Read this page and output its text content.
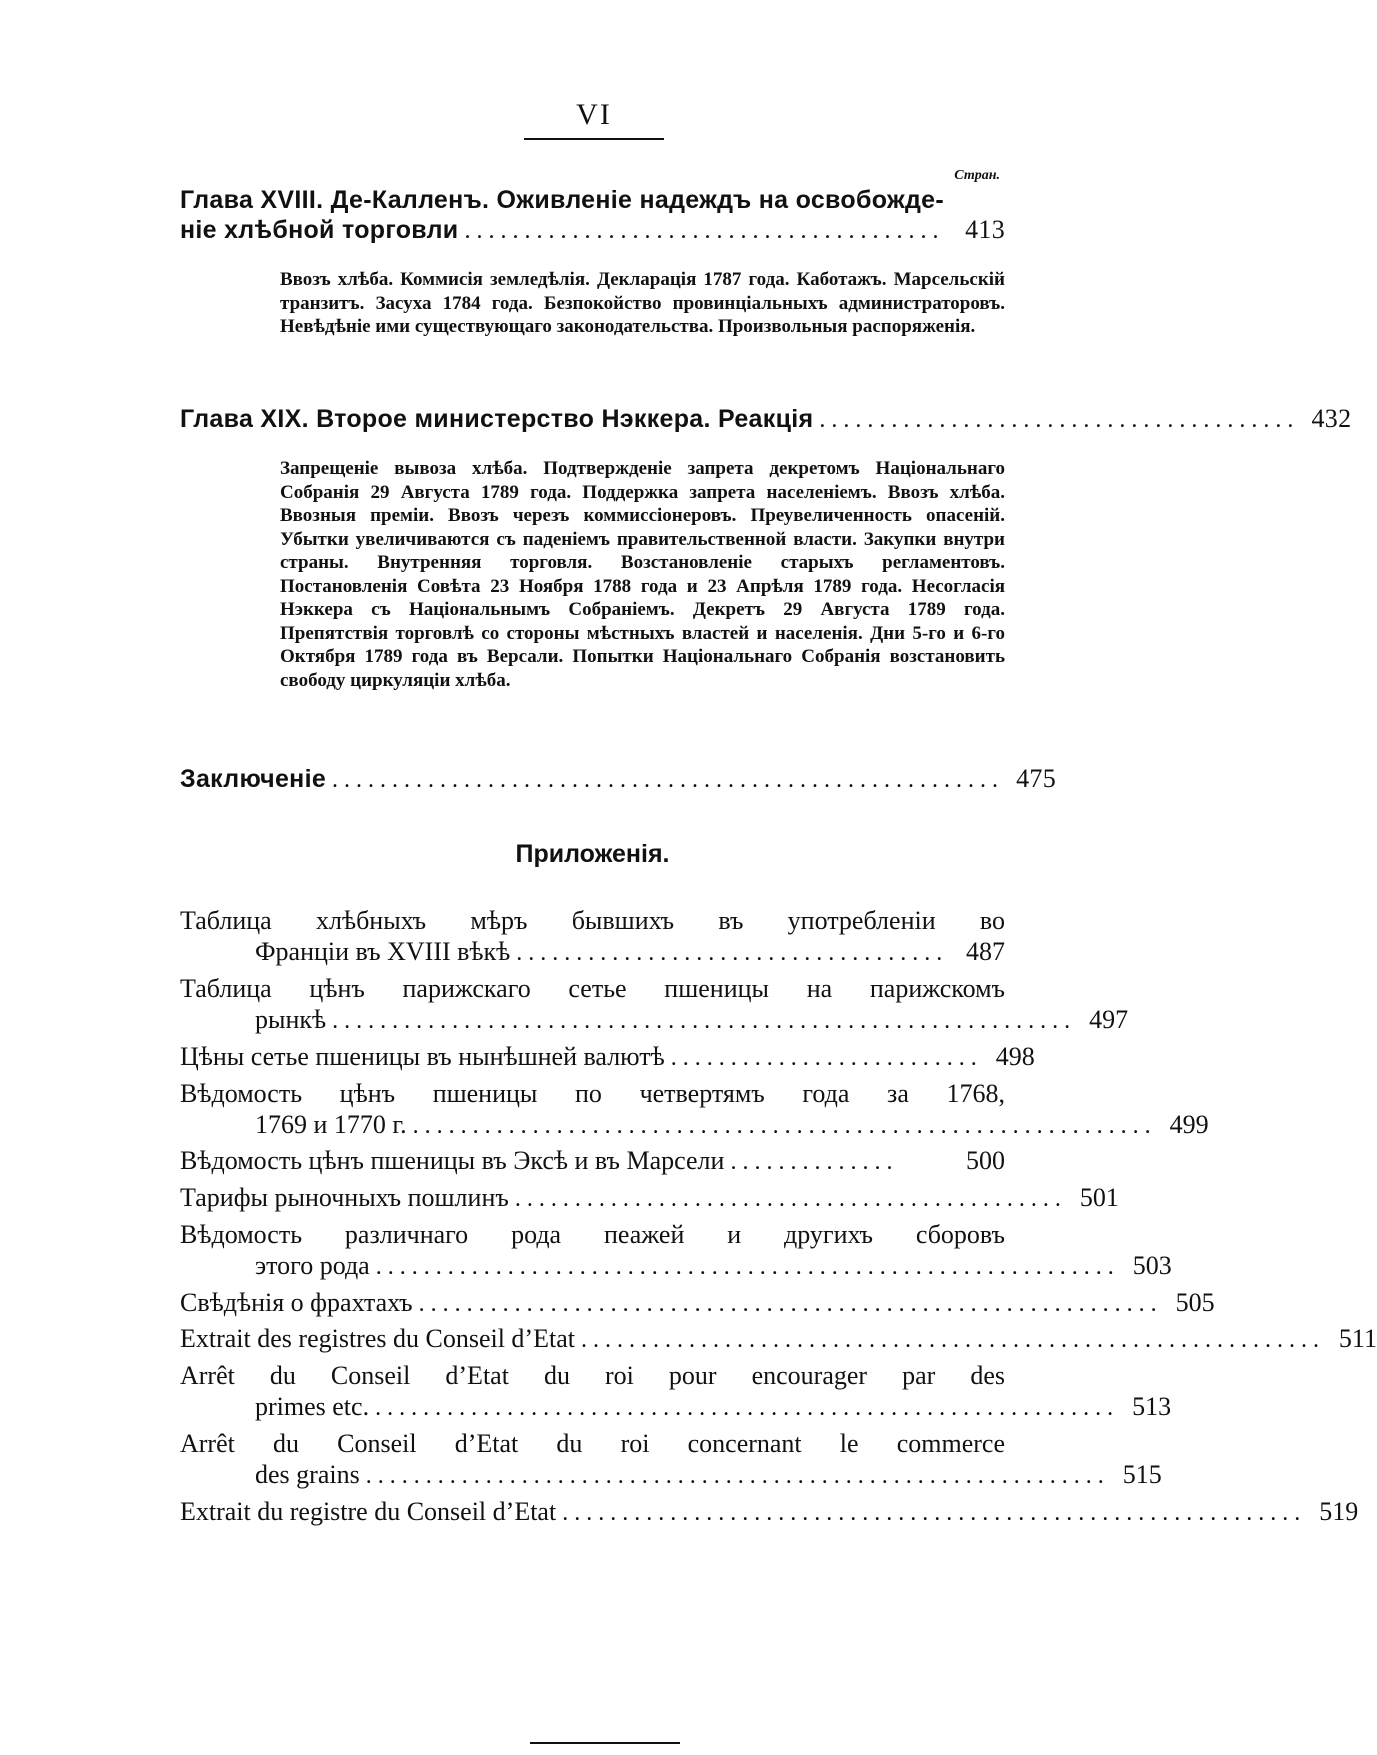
VI
Стран.
Глава XVIII. Де-Калленъ. Оживленіе надеждъ на освобожде-
ніе хлѣбной торговли ........................................ 413
Ввозъ хлѣба. Коммисія земледѣлія. Декларація 1787 года. Каботажъ. Марсельскій транзитъ. Засуха 1784 года. Безпокойство провинціальныхъ администраторовъ. Невѣдѣніе ими существующаго законодательства. Произвольныя распоряженія.
Глава XIX. Второе министерство Нэккера. Реакція ........................................ 432
Запрещеніе вывоза хлѣба. Подтвержденіе запрета декретомъ Національнаго Собранія 29 Августа 1789 года. Поддержка запрета населеніемъ. Ввозъ хлѣба. Ввозныя преміи. Ввозъ черезъ коммиссіонеровъ. Преувеличенность опасеній. Убытки увеличиваются съ паденіемъ правительственной власти. Закупки внутри страны. Внутренняя торговля. Возстановленіе старыхъ регламентовъ. Постановленія Совѣта 23 Ноября 1788 года и 23 Апрѣля 1789 года. Несогласія Нэккера съ Національнымъ Собраніемъ. Декретъ 29 Августа 1789 года. Препятствія торговлѣ со стороны мѣстныхъ властей и населенія. Дни 5-го и 6-го Октября 1789 года въ Версали. Попытки Національнаго Собранія возстановить свободу циркуляціи хлѣба.
Заключеніе ........................................................ 475
Приложенія.
Таблица хлѣбныхъ мѣръ бывшихъ въ употребленіи во
Франціи въ XVIII вѣкѣ .................................... 487
Таблица цѣнъ парижскаго сетье пшеницы на парижскомъ
рынкѣ .............................................................. 497
Цѣны сетье пшеницы въ нынѣшней валютѣ .......................... 498
Вѣдомость цѣнъ пшеницы по четвертямъ года за 1768,
1769 и 1770 г. .............................................................. 499
Вѣдомость цѣнъ пшеницы въ Эксѣ и въ Марсели ..............	500
Тарифы рыночныхъ пошлинъ .............................................. 501
Вѣдомость различнаго рода пеажей и другихъ сборовъ
этого рода .............................................................. 503
Свѣдѣнія о фрахтахъ .............................................................. 505
Extrait des registres du Conseil d’Etat .............................................................. 511
Arrêt du Conseil d’Etat du roi pour encourager par des
primes etc. .............................................................. 513
Arrêt du Conseil d’Etat du roi concernant le commerce
des grains .............................................................. 515
Extrait du registre du Conseil d’Etat .............................................................. 519
